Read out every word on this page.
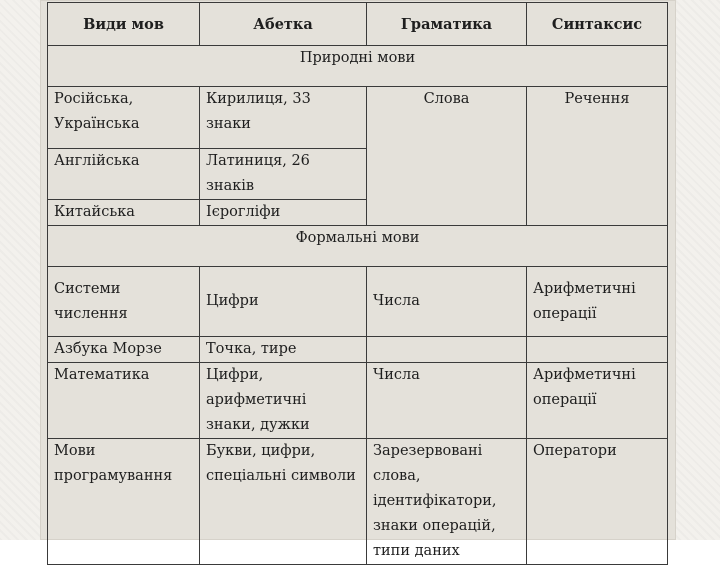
Види мов	Абетка	Граматика	Синтаксис
Природні мови			
Російська, Українська	Кирилиця, 33 знаки	Слова	Речення
Англійська	Латиниця, 26 знаків		
Китайська	Ієрогліфи		
Формальні мови			
Системи числення	Цифри	Числа	Арифметичні операції
Азбука Морзе	Точка, тире		
Математика	Цифри, арифметичні знаки, дужки	Числа	Арифметичні операції
Мови програмування	Букви, цифри, спеціальні символи	Зарезервовані слова, ідентифікатори, знаки операцій, типи даних	Оператори
